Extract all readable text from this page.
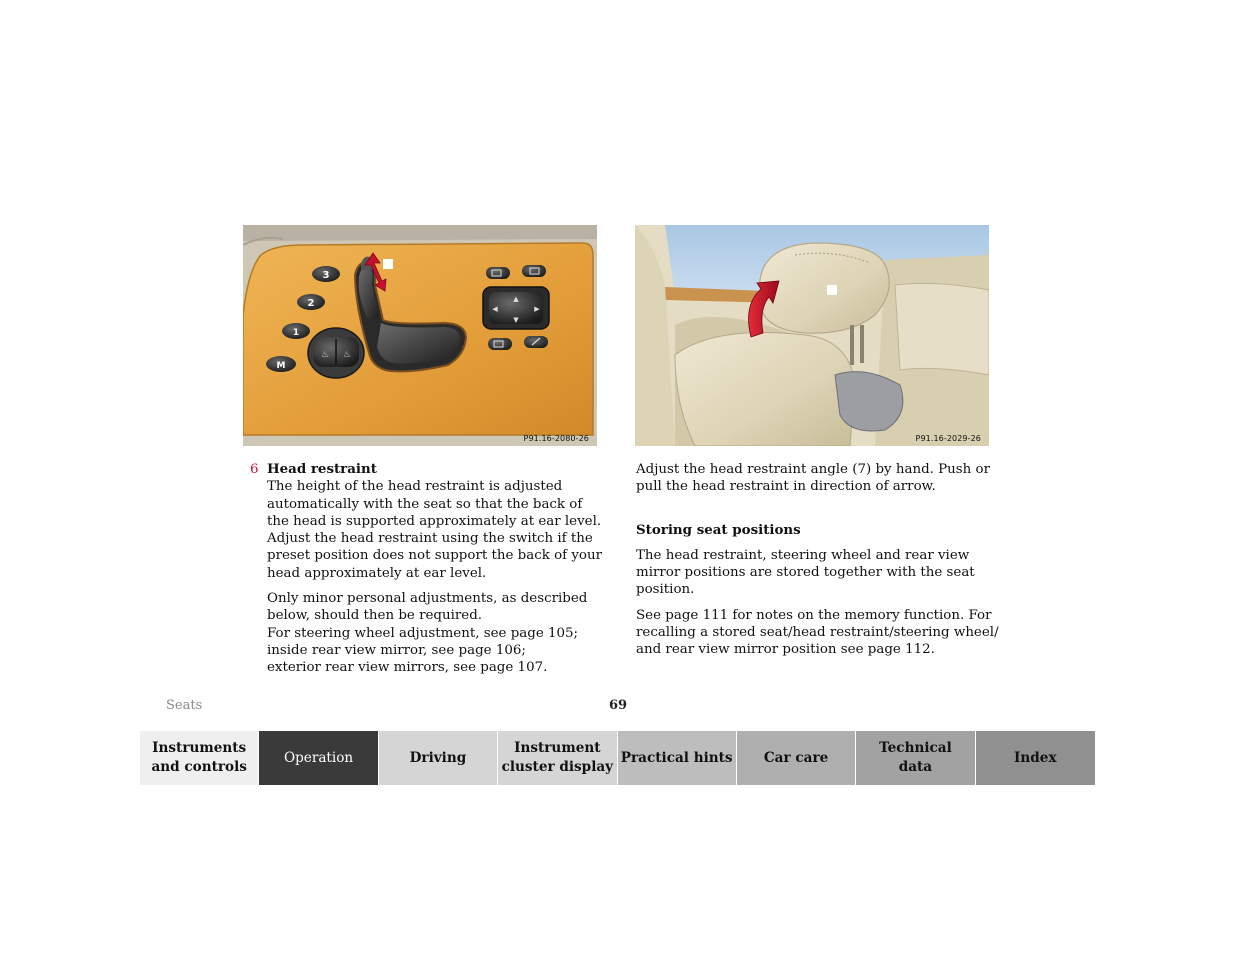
3
2
1
M
♨ ♨
▲
▼
◀	▶
P91.16-2080-26	P91.16-2029-26
6 Head restraint

The height of the head restraint is adjusted automatically with the seat so that the back of the head is supported approximately at ear level. Adjust the head restraint using the switch if the preset position does not support the back of your head approximately at ear level.

Only minor personal adjustments, as described

below, should then be required.

For steering wheel adjustment, see page 105;

inside rear view mirror, see page 106;

exterior rear view mirrors, see page 107.

Adjust the head restraint angle (7) by hand. Push or pull the head restraint in direction of arrow.

Storing seat positions

The head restraint, steering wheel and rear view mirror positions are stored together with the seat position.

See page 111 for notes on the memory function. For recalling a stored seat/head restraint/steering wheel/ and rear view mirror position see page 112.

Seats	69
Instruments
and controls
Operation	Driving
Instrument
cluster display
Practical hints Car care
Technical
data
Index
